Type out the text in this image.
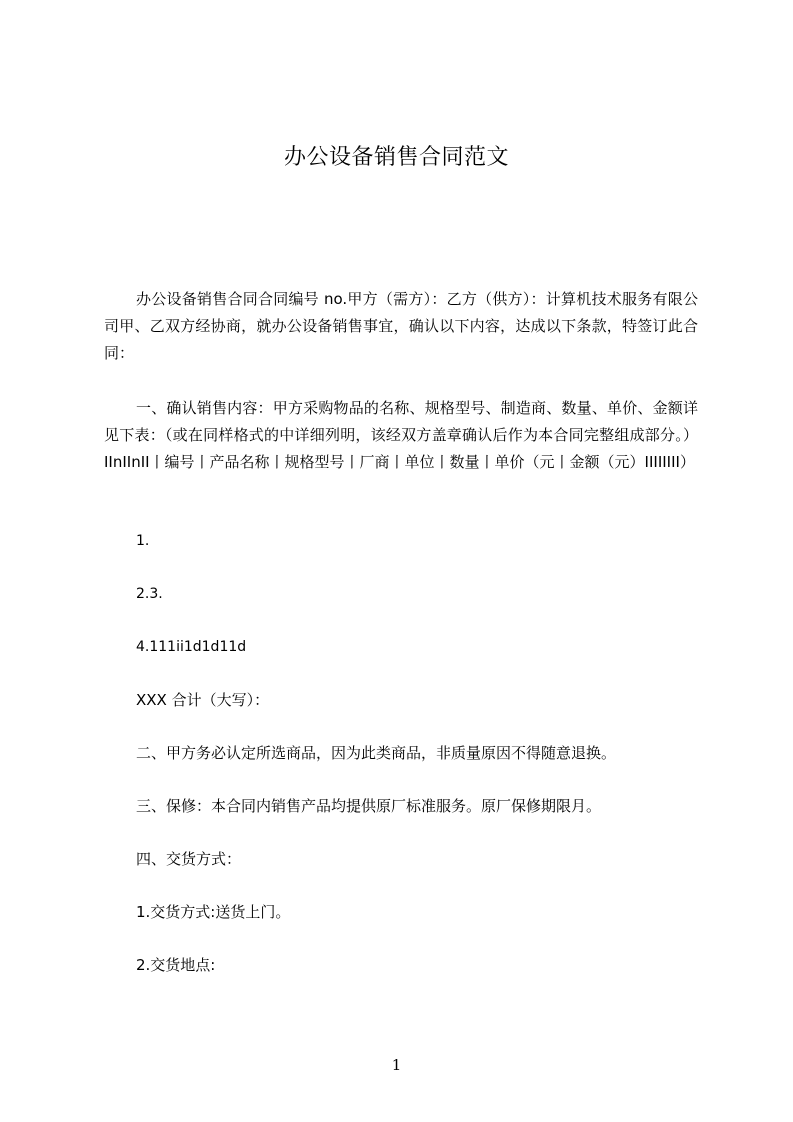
办公设备销售合同范文

办公设备销售合同合同编号 no.甲方（需方）：乙方（供方）：计算机技术服务有限公司甲、乙双方经协商，就办公设备销售事宜，确认以下内容，达成以下条款，特签订此合同：

一、确认销售内容：甲方采购物品的名称、规格型号、制造商、数量、单价、金额详见下表：（或在同样格式的中详细列明，该经双方盖章确认后作为本合同完整组成部分。）IInIInII丨编号丨产品名称丨规格型号丨厂商丨单位丨数量丨单价（元丨金额（元）IIIIIIII）

1.

2.3.

4.111ii1d1d11d

XXX 合计（大写）：

二、甲方务必认定所选商品，因为此类商品，非质量原因不得随意退换。

三、保修：本合同内销售产品均提供原厂标准服务。原厂保修期限月。

四、交货方式：

1.交货方式:送货上门。

2.交货地点:

1
